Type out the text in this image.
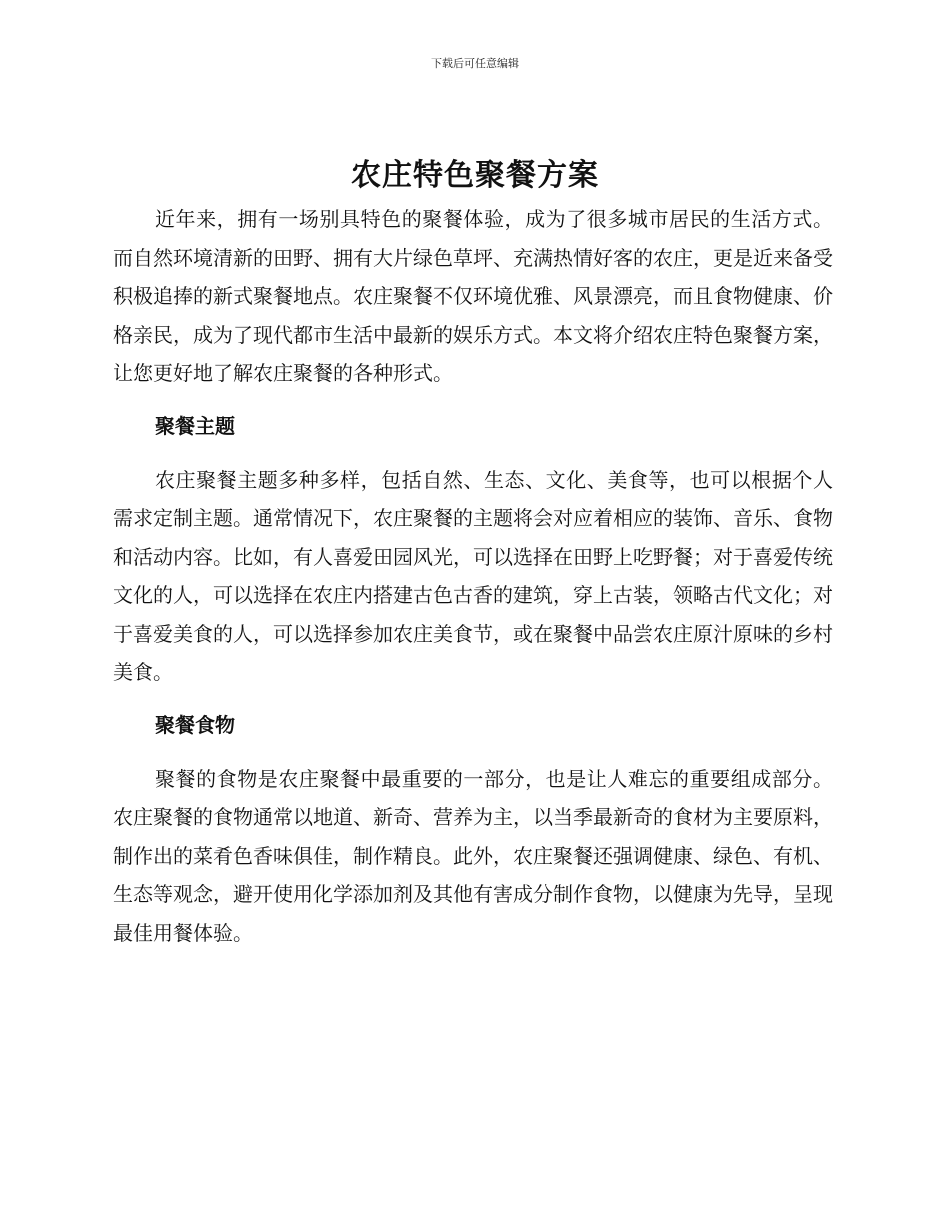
下载后可任意编辑
农庄特色聚餐方案

近年来，拥有一场别具特色的聚餐体验，成为了很多城市居民的生活方式。而自然环境清新的田野、拥有大片绿色草坪、充满热情好客的农庄，更是近来备受积极追捧的新式聚餐地点。农庄聚餐不仅环境优雅、风景漂亮，而且食物健康、价格亲民，成为了现代都市生活中最新的娱乐方式。本文将介绍农庄特色聚餐方案，让您更好地了解农庄聚餐的各种形式。

聚餐主题

农庄聚餐主题多种多样，包括自然、生态、文化、美食等，也可以根据个人需求定制主题。通常情况下，农庄聚餐的主题将会对应着相应的装饰、音乐、食物和活动内容。比如，有人喜爱田园风光，可以选择在田野上吃野餐；对于喜爱传统文化的人，可以选择在农庄内搭建古色古香的建筑，穿上古装，领略古代文化；对于喜爱美食的人，可以选择参加农庄美食节，或在聚餐中品尝农庄原汁原味的乡村美食。

聚餐食物

聚餐的食物是农庄聚餐中最重要的一部分，也是让人难忘的重要组成部分。农庄聚餐的食物通常以地道、新奇、营养为主，以当季最新奇的食材为主要原料，制作出的菜肴色香味俱佳，制作精良。此外，农庄聚餐还强调健康、绿色、有机、生态等观念，避开使用化学添加剂及其他有害成分制作食物，以健康为先导，呈现最佳用餐体验。
